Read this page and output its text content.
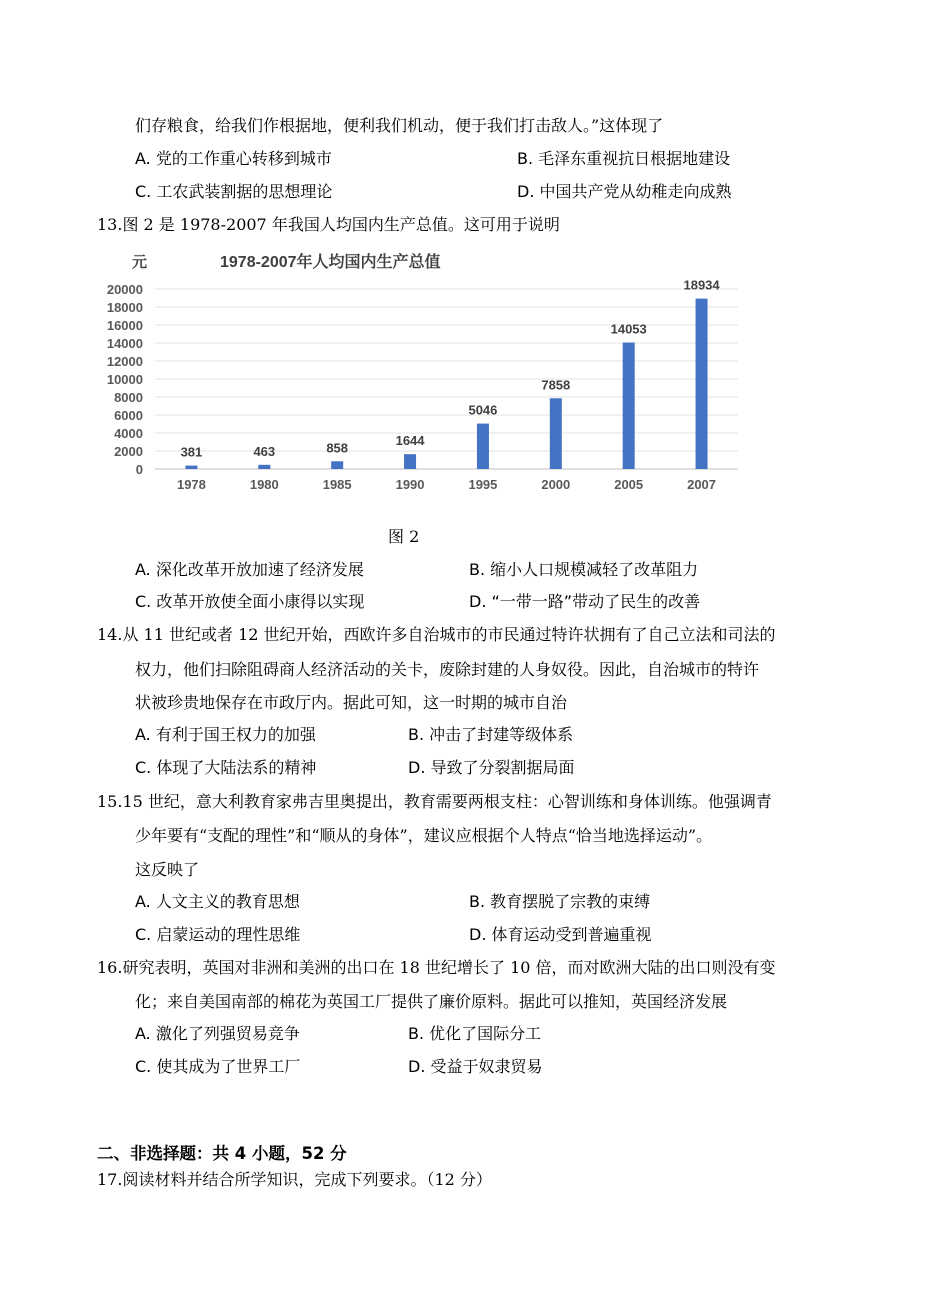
们存粮食，给我们作根据地，便利我们机动，便于我们打击敌人。”这体现了
A. 党的工作重心转移到城市	B. 毛泽东重视抗日根据地建设
C. 工农武装割据的思想理论	D. 中国共产党从幼稚走向成熟
13.图 2 是 1978-2007 年我国人均国内生产总值。这可用于说明
元	1978-2007年人均国内生产总值
0
2000
4000
6000
8000
10000
12000
14000
16000
18000
20000
381
1978
463
1980
858
1985
1644
1990
5046
1995
7858
2000
14053
2005
18934
2007
图 2
A. 深化改革开放加速了经济发展	B. 缩小人口规模减轻了改革阻力
C. 改革开放使全面小康得以实现	D. “一带一路”带动了民生的改善
14.从 11 世纪或者 12 世纪开始，西欧许多自治城市的市民通过特许状拥有了自己立法和司法的
权力，他们扫除阻碍商人经济活动的关卡，废除封建的人身奴役。因此，自治城市的特许
状被珍贵地保存在市政厅内。据此可知，这一时期的城市自治
A. 有利于国王权力的加强	B. 冲击了封建等级体系
C. 体现了大陆法系的精神	D. 导致了分裂割据局面
15.15 世纪，意大利教育家弗吉里奥提出，教育需要两根支柱：心智训练和身体训练。他强调青
少年要有“支配的理性”和“顺从的身体”，建议应根据个人特点“恰当地选择运动”。
这反映了
A. 人文主义的教育思想	B. 教育摆脱了宗教的束缚
C. 启蒙运动的理性思维	D. 体育运动受到普遍重视
16.研究表明，英国对非洲和美洲的出口在 18 世纪增长了 10 倍，而对欧洲大陆的出口则没有变
化；来自美国南部的棉花为英国工厂提供了廉价原料。据此可以推知，英国经济发展
A. 激化了列强贸易竞争	B. 优化了国际分工
C. 使其成为了世界工厂	D. 受益于奴隶贸易
二、非选择题：共 4 小题，52 分
17.阅读材料并结合所学知识，完成下列要求。（12 分）
